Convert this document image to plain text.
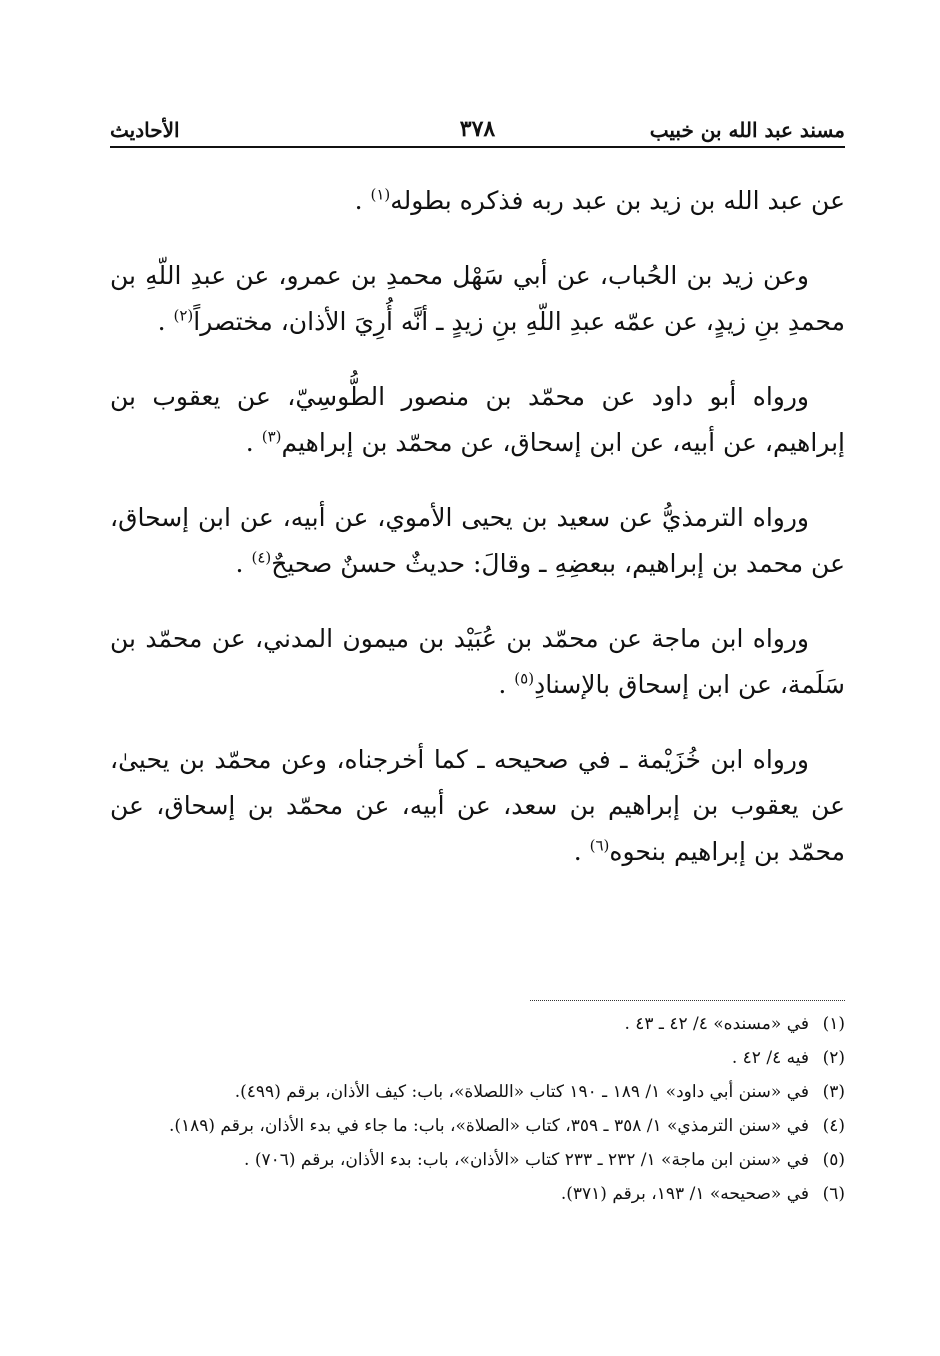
مسند عبد الله بن خبيب
٣٧٨
الأحاديث

عن عبد الله بن زيد بن عبد ربه فذكره بطوله$^{(١)}$ .

وعن زيد بن الحُباب، عن أبي سَهْل محمدِ بن عمرو، عن عبدِ اللّهِ بن محمدِ بنِ زيدٍ، عن عمّه عبدِ اللّهِ بنِ زيدٍ ـ أنَّه أُرِيَ الأذان، مختصراً$^{(٢)}$ .

ورواه أبو داود عن محمّد بن منصور الطُّوسِيّ، عن يعقوب بن إبراهيم، عن أبيه، عن ابن إسحاق، عن محمّد بن إبراهيم$^{(٣)}$ .

ورواه الترمذيُّ عن سعيد بن يحيى الأموي، عن أبيه، عن ابن إسحاق، عن محمد بن إبراهيم، ببعضِهِ ـ وقالَ: حديثٌ حسنٌ صحيحٌ$^{(٤)}$ .

ورواه ابن ماجة عن محمّد بن عُبَيْد بن ميمون المدني، عن محمّد بن سَلَمة، عن ابن إسحاق بالإسنادِ$^{(٥)}$ .

ورواه ابن خُزَيْمة ـ في صحيحه ـ كما أخرجناه، وعن محمّد بن يحيىٰ، عن يعقوب بن إبراهيم بن سعد، عن أبيه، عن محمّد بن إسحاق، عن محمّد بن إبراهيم بنحوه$^{(٦)}$ .

(١)
في «مسنده» ٤/ ٤٢ ـ ٤٣ .
(٢)
فيه ٤/ ٤٢ .
(٣)
في «سنن أبي داود» ١/ ١٨٩ ـ ١٩٠ كتاب «اللصلاة»، باب: كيف الأذان، برقم (٤٩٩).
(٤)
في «سنن الترمذي» ١/ ٣٥٨ ـ ٣٥٩، كتاب «الصلاة»، باب: ما جاء في بدء الأذان، برقم (١٨٩).
(٥)
في «سنن ابن ماجة» ١/ ٢٣٢ ـ ٢٣٣ كتاب «الأذان»، باب: بدء الأذان، برقم (٧٠٦) .
(٦)
في «صحيحه» ١/ ١٩٣، برقم (٣٧١).
